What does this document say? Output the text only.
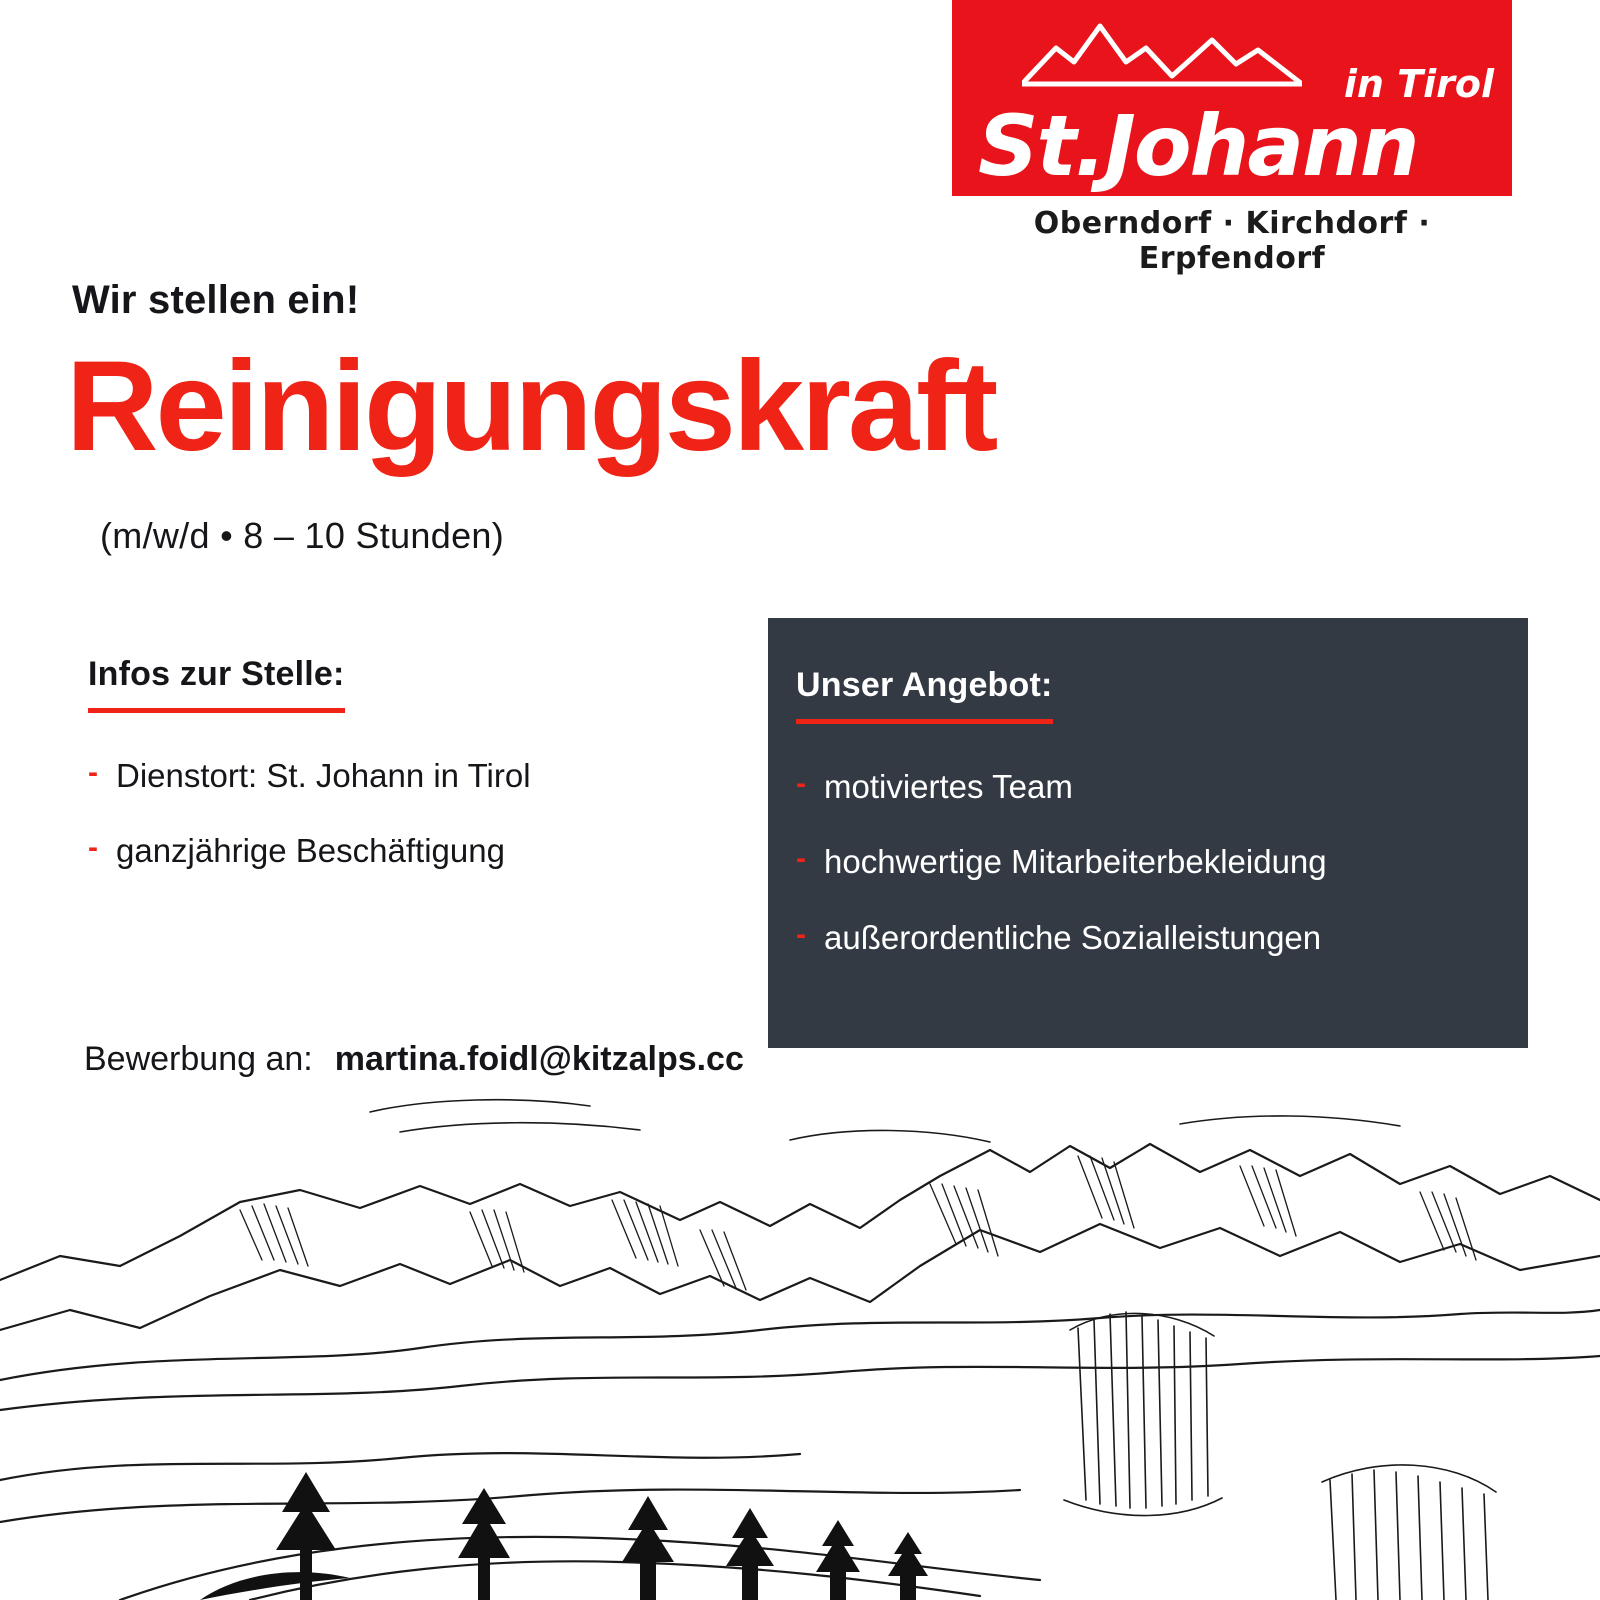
St.Johann
in Tirol
Oberndorf · Kirchdorf · Erpfendorf
Wir stellen ein!
Reinigungskraft
(m/w/d • 8 – 10 Stunden)
Infos zur Stelle:
- Dienstort: St. Johann in Tirol
- ganzjährige Beschäftigung
Unser Angebot:
- motiviertes Team
- hochwertige Mitarbeiterbekleidung
- außerordentliche Sozialleistungen
Bewerbung an: martina.foidl@kitzalps.cc
